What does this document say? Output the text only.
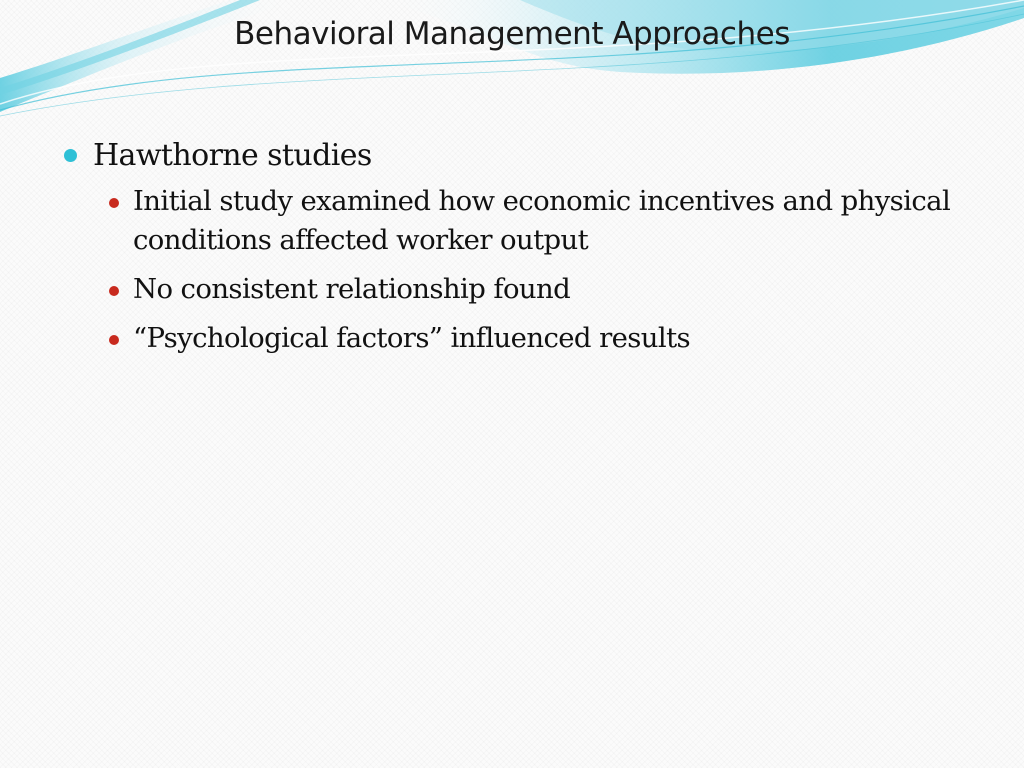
Behavioral Management Approaches
Hawthorne studies
Initial study examined how economic incentives and physical conditions affected worker output
No consistent relationship found
“Psychological factors” influenced results
